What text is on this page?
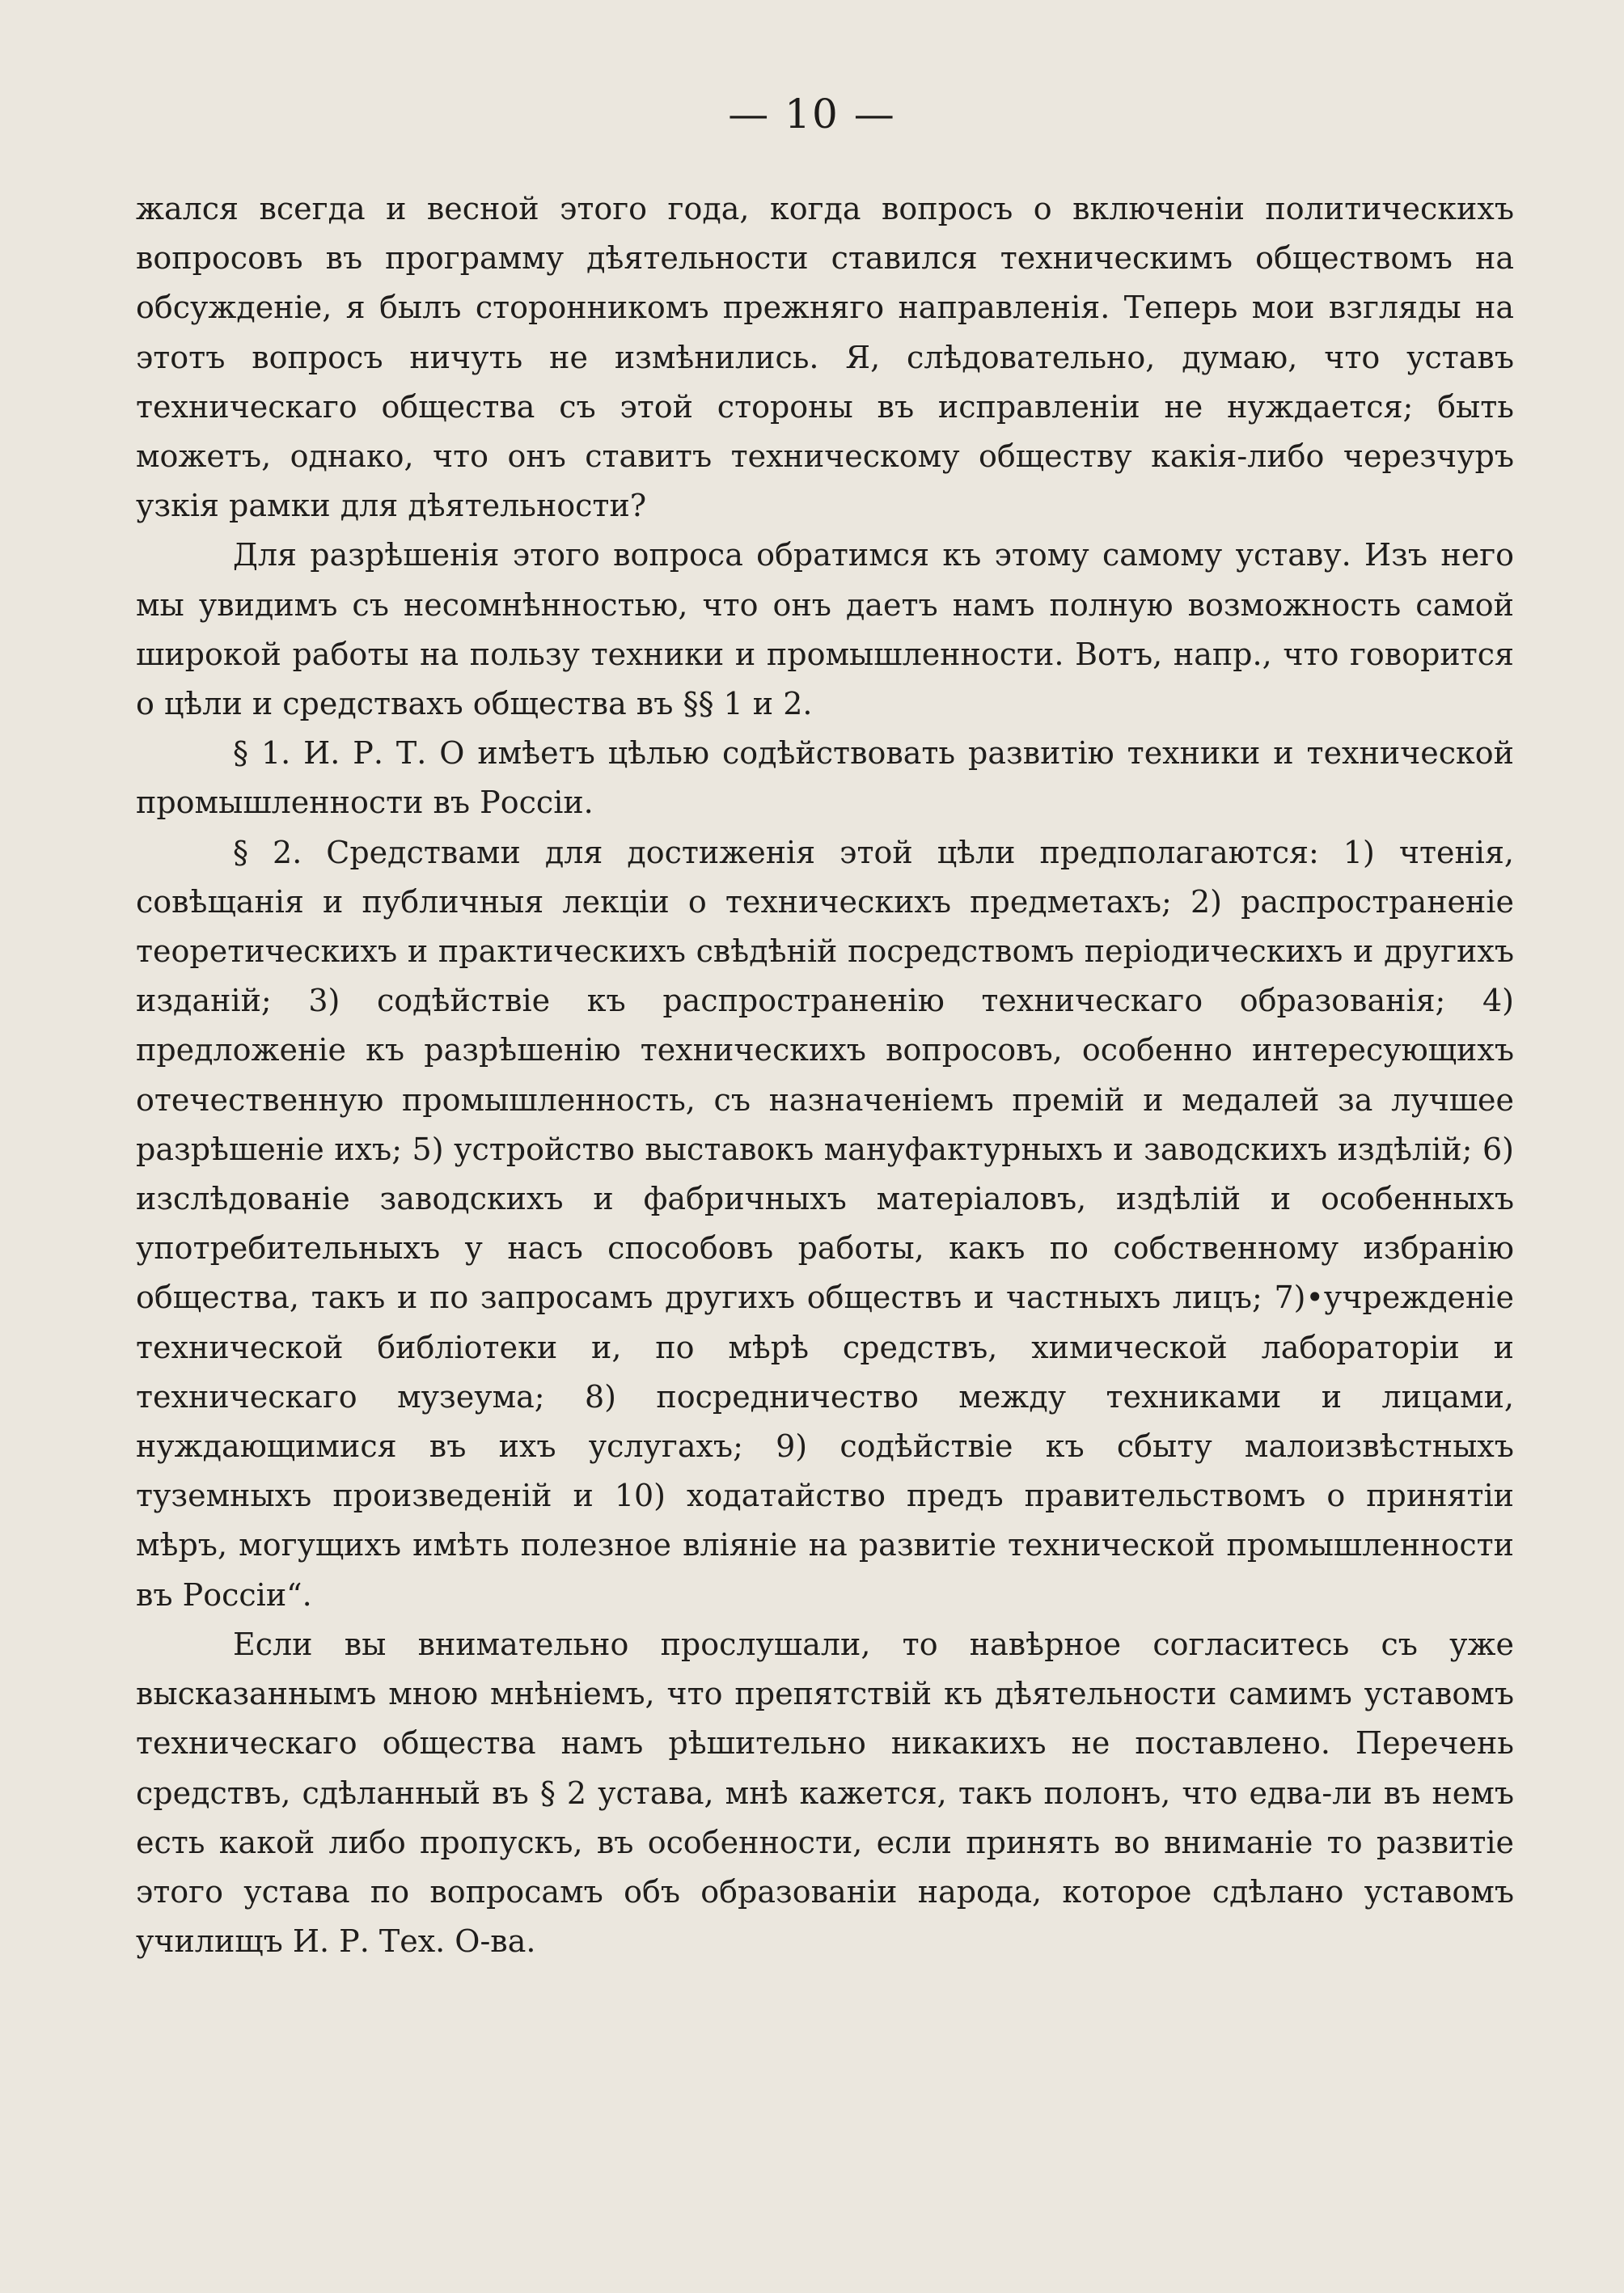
— 10 —

жался всегда и весной этого года, когда вопросъ о включенiи политическихъ вопросовъ въ программу дѣятельности ставился техническимъ обществомъ на обсужденiе, я былъ сторонникомъ прежняго направленія. Теперь мои взгляды на этотъ вопросъ ничуть не измѣнились. Я, слѣдовательно, думаю, что уставъ техническаго общества съ этой стороны въ исправленiи не нуждается; быть можетъ, однако, что онъ ставитъ техническому обществу какiя-либо черезчуръ узкiя рамки для дѣятельности?

Для разрѣшенiя этого вопроса обратимся къ этому самому уставу. Изъ него мы увидимъ съ несомнѣнностью, что онъ даетъ намъ полную возможность самой широкой работы на пользу техники и промышленности. Вотъ, напр., что говорится о цѣли и средствахъ общества въ §§ 1 и 2.

§ 1. И. Р. Т. О имѣетъ цѣлью содѣйствовать развитiю техники и технической промышленности въ Россiи.

§ 2. Средствами для достиженiя этой цѣли предполагаются: 1) чтенiя, совѣщанiя и публичныя лекцiи о техническихъ предметахъ; 2) распространенiе теоретическихъ и практическихъ свѣдѣнiй посредствомъ перiодическихъ и другихъ изданiй; 3) содѣйствiе къ распространенiю техническаго образованiя; 4) предложенiе къ разрѣшенiю техническихъ вопросовъ, особенно интересующихъ отечественную промышленность, съ назначенiемъ премiй и медалей за лучшее разрѣшенiе ихъ; 5) устройство выставокъ мануфактурныхъ и заводскихъ издѣлiй; 6) изслѣдованiе заводскихъ и фабричныхъ матерiаловъ, издѣлiй и особенныхъ употребительныхъ у насъ способовъ работы, какъ по собственному избранiю общества, такъ и по запросамъ другихъ обществъ и частныхъ лицъ; 7)•учрежденiе технической библiотеки и, по мѣрѣ средствъ, химической лабораторiи и техническаго музеума; 8) посредничество между техниками и лицами, нуждающимися въ ихъ услугахъ; 9) содѣйствiе къ сбыту малоизвѣстныхъ туземныхъ произведенiй и 10) ходатайство предъ правительствомъ о принятiи мѣръ, могущихъ имѣть полезное влiянiе на развитiе технической промышленности въ Россiи“.

Если вы внимательно прослушали, то навѣрное согласитесь съ уже высказаннымъ мною мнѣнiемъ, что препятствiй къ дѣятельности самимъ уставомъ техническаго общества намъ рѣшительно никакихъ не поставлено. Перечень средствъ, сдѣланный въ § 2 устава, мнѣ кажется, такъ полонъ, что едва-ли въ немъ есть какой либо пропускъ, въ особенности, если принять во вниманiе то развитiе этого устава по вопросамъ объ образованiи народа, которое сдѣлано уставомъ училищъ И. Р. Тех. О-ва.
